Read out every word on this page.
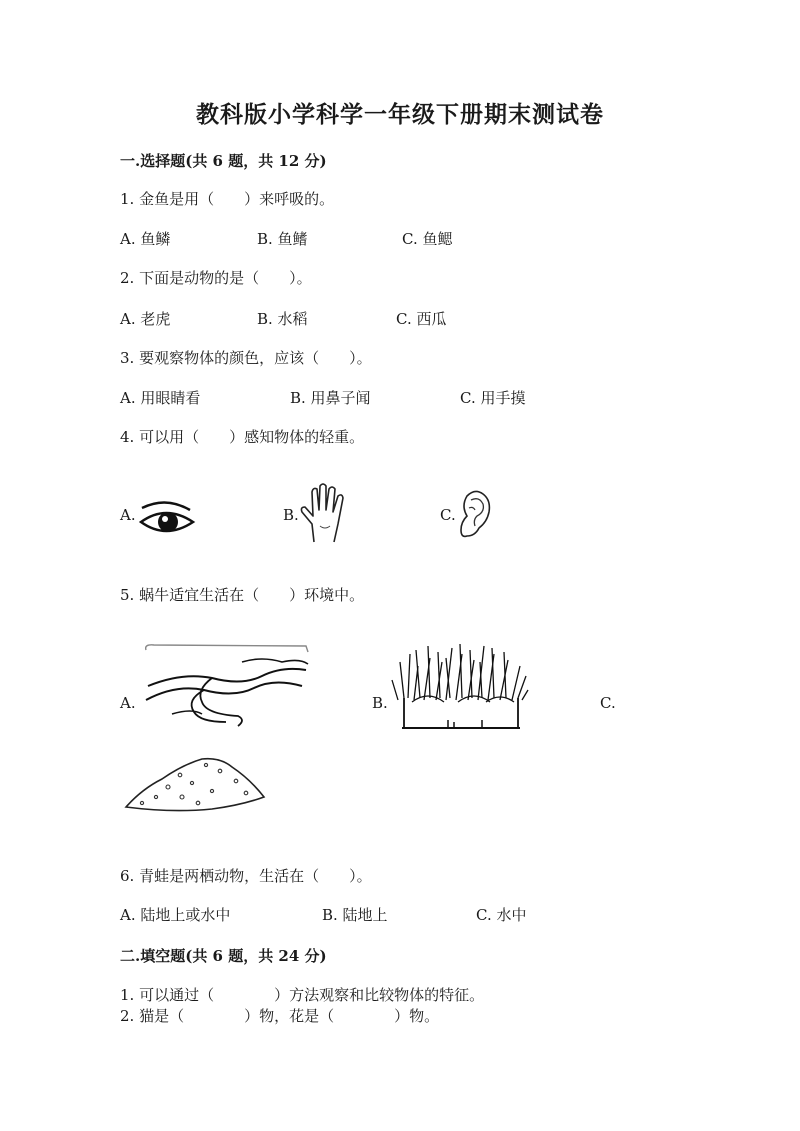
教科版小学科学一年级下册期末测试卷
一.选择题(共 6 题，共 12 分)
1. 金鱼是用（　　）来呼吸的。
A. 鱼鳞	B. 鱼鳍	C. 鱼鳃
2. 下面是动物的是（　　）。
A. 老虎	B. 水稻	C. 西瓜
3. 要观察物体的颜色，应该（　　）。
A. 用眼睛看	B. 用鼻子闻	C. 用手摸
4. 可以用（　　）感知物体的轻重。
A.	B.	C.
5. 蜗牛适宜生活在（　　）环境中。
A.	B.	C.
6. 青蛙是两栖动物，生活在（　　）。
A. 陆地上或水中	B. 陆地上	C. 水中
二.填空题(共 6 题，共 24 分)
1. 可以通过（　　　　）方法观察和比较物体的特征。
2. 猫是（　　　　）物，花是（　　　　）物。
